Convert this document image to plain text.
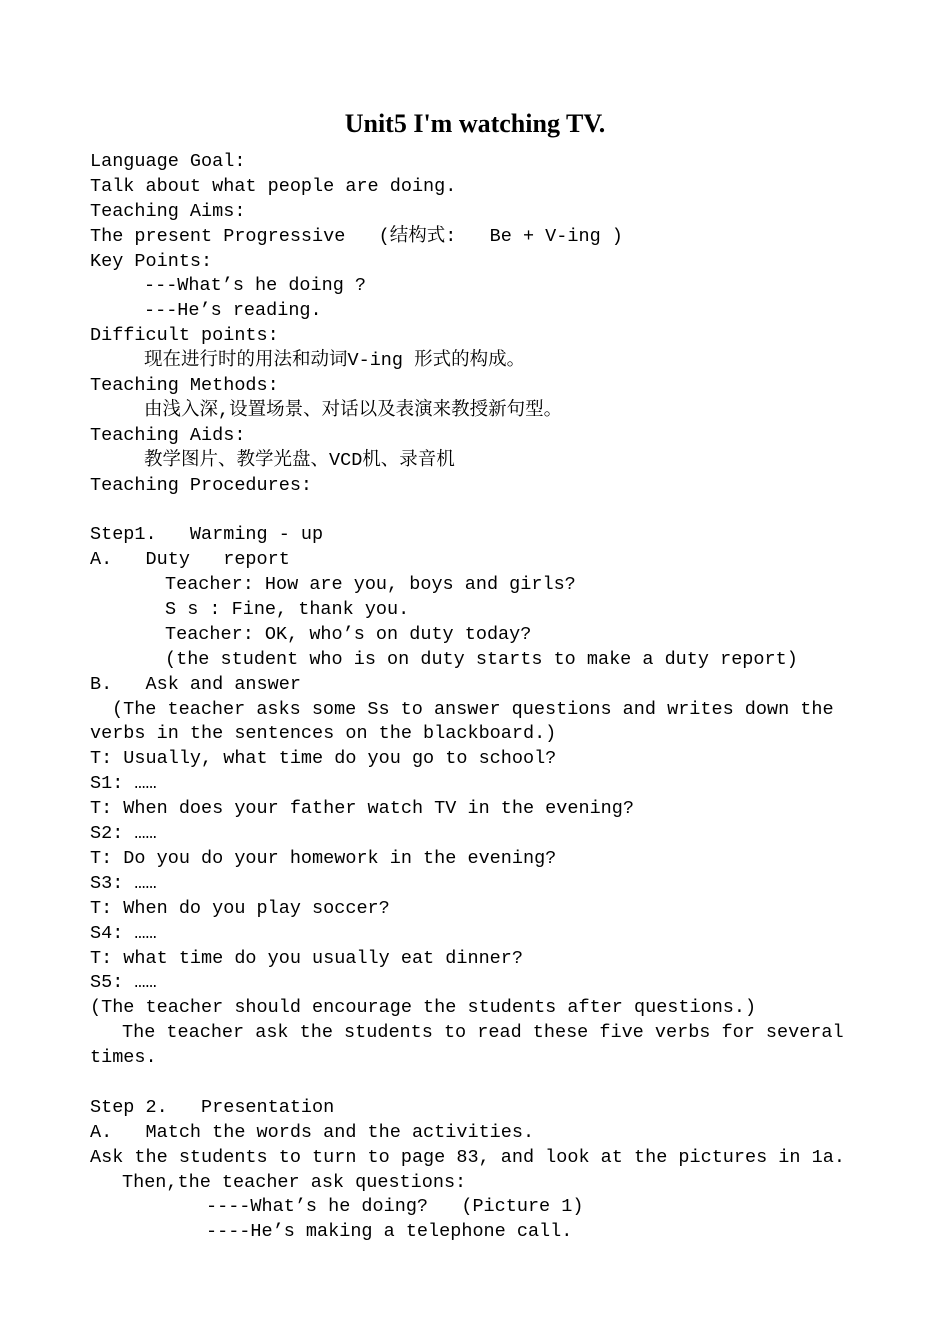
Unit5 I'm watching TV.
Language Goal:
Talk about what people are doing.
Teaching Aims:
The present Progressive   (结构式:   Be + V-ing )
Key Points:
---What’s he doing ?
---He’s reading.
Difficult points:
现在进行时的用法和动词V-ing 形式的构成。
Teaching Methods:
由浅入深,设置场景、对话以及表演来教授新句型。
Teaching Aids:
教学图片、教学光盘、VCD机、录音机
Teaching Procedures:
Step1.   Warming - up
A.   Duty   report
Teacher: How are you, boys and girls?
S s : Fine, thank you.
Teacher: OK, who’s on duty today?
(the student who is on duty starts to make a duty report)
B.   Ask and answer
(The teacher asks some Ss to answer questions and writes down the
verbs in the sentences on the blackboard.)
T: Usually, what time do you go to school?
S1: ……
T: When does your father watch TV in the evening?
S2: ……
T: Do you do your homework in the evening?
S3: ……
T: When do you play soccer?
S4: ……
T: what time do you usually eat dinner?
S5: ……
(The teacher should encourage the students after questions.)
The teacher ask the students to read these five verbs for several
times.
Step 2.   Presentation
A.   Match the words and the activities.
Ask the students to turn to page 83, and look at the pictures in 1a.
Then,the teacher ask questions:
----What’s he doing?   (Picture 1)
----He’s making a telephone call.
